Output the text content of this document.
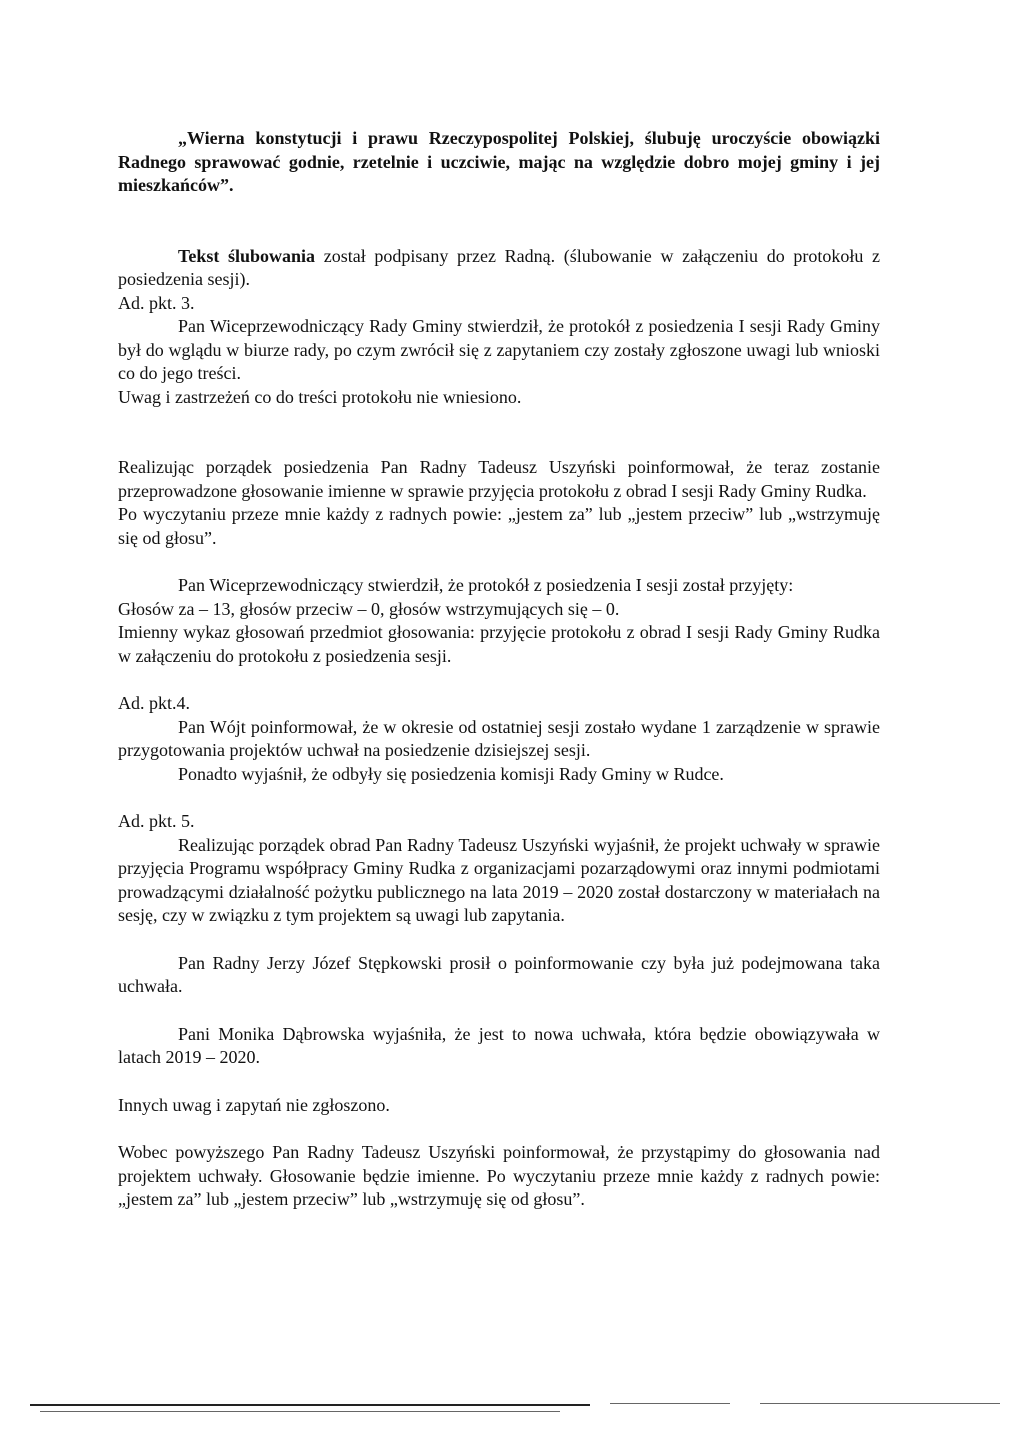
„Wierna konstytucji i prawu Rzeczypospolitej Polskiej, ślubuję uroczyście obowiązki Radnego sprawować godnie, rzetelnie i uczciwie, mając na względzie dobro mojej gminy i jej mieszkańców”.

Tekst ślubowania został podpisany przez Radną. (ślubowanie w załączeniu do protokołu z posiedzenia sesji).

Ad. pkt. 3.

Pan Wiceprzewodniczący Rady Gminy stwierdził, że protokół z posiedzenia I sesji Rady Gminy był do wglądu w biurze rady, po czym zwrócił się z zapytaniem czy zostały zgłoszone uwagi lub wnioski co do jego treści.

Uwag i zastrzeżeń co do treści protokołu nie wniesiono.

Realizując porządek posiedzenia Pan Radny Tadeusz Uszyński poinformował, że teraz zostanie przeprowadzone głosowanie imienne w sprawie przyjęcia protokołu z obrad I sesji Rady Gminy Rudka.

Po wyczytaniu przeze mnie każdy z radnych powie: „jestem za” lub „jestem przeciw” lub „wstrzymuję się od głosu”.

Pan Wiceprzewodniczący stwierdził, że protokół z posiedzenia I sesji został przyjęty:

Głosów za – 13, głosów przeciw – 0, głosów wstrzymujących się – 0.

Imienny wykaz głosowań przedmiot głosowania: przyjęcie protokołu z obrad I sesji Rady Gminy Rudka w załączeniu do protokołu z posiedzenia sesji.

Ad. pkt.4.

Pan Wójt poinformował, że w okresie od ostatniej sesji zostało wydane 1 zarządzenie w sprawie przygotowania projektów uchwał na posiedzenie dzisiejszej sesji.

Ponadto wyjaśnił, że odbyły się posiedzenia komisji Rady Gminy w Rudce.

Ad. pkt. 5.

Realizując porządek obrad Pan Radny Tadeusz Uszyński wyjaśnił, że projekt uchwały w sprawie przyjęcia Programu współpracy Gminy Rudka z organizacjami pozarządowymi oraz innymi podmiotami prowadzącymi działalność pożytku publicznego na lata 2019 – 2020 został dostarczony w materiałach na sesję, czy w związku z tym projektem są uwagi lub zapytania.

Pan Radny Jerzy Józef Stępkowski prosił o poinformowanie czy była już podejmowana taka uchwała.

Pani Monika Dąbrowska wyjaśniła, że jest to nowa uchwała, która będzie obowiązywała w latach 2019 – 2020.

Innych uwag i zapytań nie zgłoszono.

Wobec powyższego Pan Radny Tadeusz Uszyński poinformował, że przystąpimy do głosowania nad projektem uchwały. Głosowanie będzie imienne. Po wyczytaniu przeze mnie każdy z radnych powie: „jestem za” lub „jestem przeciw” lub „wstrzymuję się od głosu”.
